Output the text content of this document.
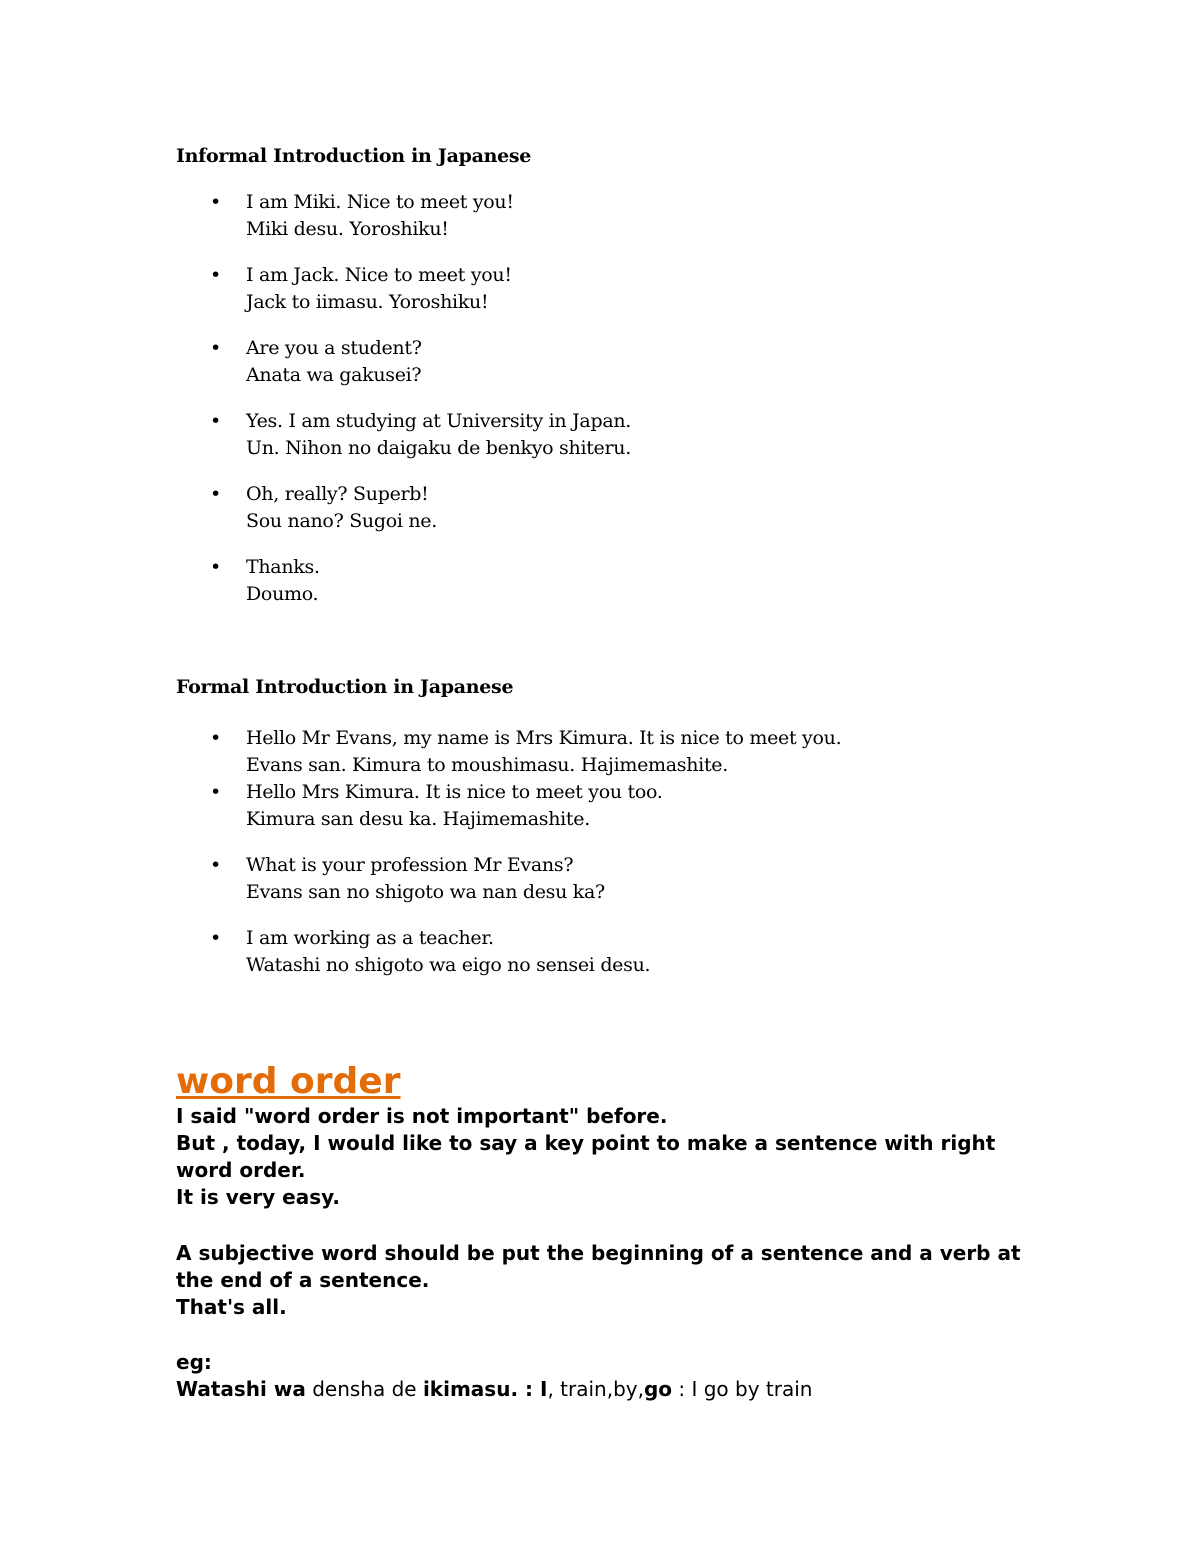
Informal Introduction in Japanese
• I am Miki. Nice to meet you!
Miki desu. Yoroshiku!
• I am Jack. Nice to meet you!
Jack to iimasu. Yoroshiku!
• Are you a student?
Anata wa gakusei?
• Yes. I am studying at University in Japan.
Un. Nihon no daigaku de benkyo shiteru.
• Oh, really? Superb!
Sou nano? Sugoi ne.
• Thanks.
Doumo.
Formal Introduction in Japanese
• Hello Mr Evans, my name is Mrs Kimura. It is nice to meet you.
Evans san. Kimura to moushimasu. Hajimemashite.
• Hello Mrs Kimura. It is nice to meet you too.
Kimura san desu ka. Hajimemashite.
• What is your profession Mr Evans?
Evans san no shigoto wa nan desu ka?
• I am working as a teacher.
Watashi no shigoto wa eigo no sensei desu.
word order

I said "word order is not important" before.

But , today, I would like to say a key point to make a sentence with right word order.

It is very easy.

A subjective word should be put the beginning of a sentence and a verb at the end of a sentence.

That's all.

eg:

Watashi wa densha de ikimasu. : I, train,by,go : I go by train
